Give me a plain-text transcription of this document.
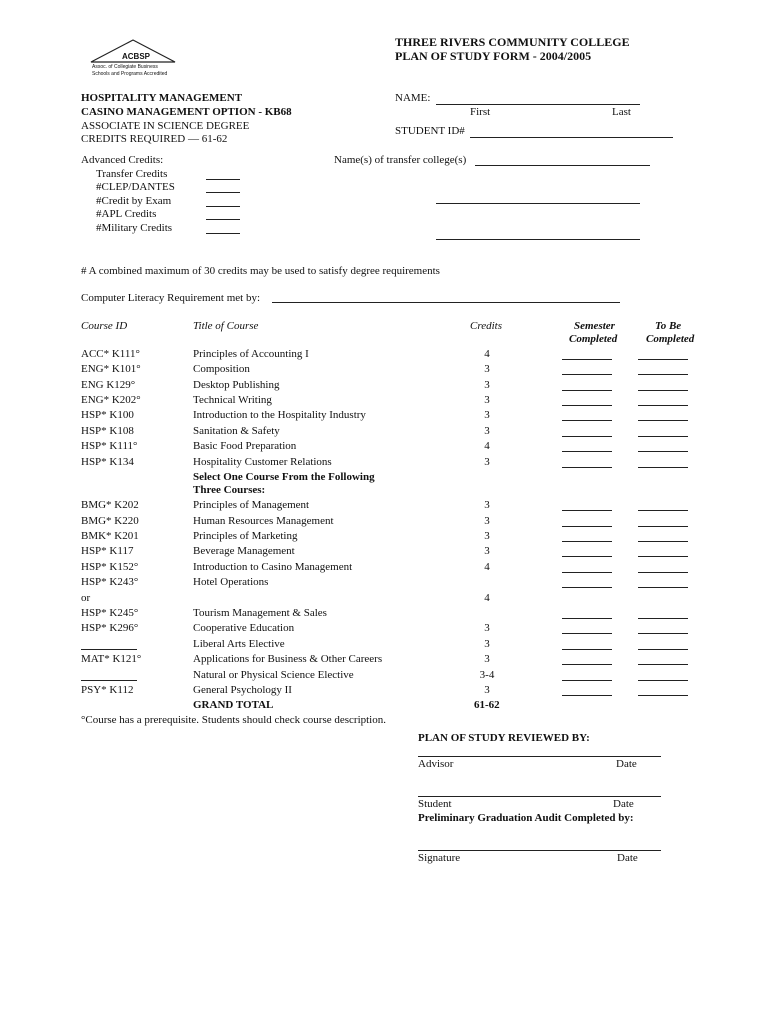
ACBSP
Assoc. of Collegiate Business
Schools and Programs Accredited
THREE RIVERS COMMUNITY COLLEGE
PLAN OF STUDY FORM - 2004/2005
HOSPITALITY MANAGEMENT
CASINO MANAGEMENT OPTION - KB68
ASSOCIATE IN SCIENCE DEGREE
CREDITS REQUIRED — 61-62
NAME:
First	Last
STUDENT ID#
Advanced Credits:
Transfer Credits
#CLEP/DANTES
#Credit by Exam
#APL Credits
#Military Credits
Name(s) of transfer college(s)
# A combined maximum of 30 credits may be used to satisfy degree requirements
Computer Literacy Requirement met by:
Course ID	Title of Course	Credits	Semester
Completed
To Be
Completed
ACC* K111°	Principles of Accounting I	4
ENG* K101°	Composition	3
ENG K129°	Desktop Publishing	3
ENG* K202°	Technical Writing	3
HSP* K100	Introduction to the Hospitality Industry	3
HSP* K108	Sanitation & Safety	3
HSP* K111°	Basic Food Preparation	4
HSP* K134	Hospitality Customer Relations	3
Select One Course From the Following
Three Courses:
BMG* K202	Principles of Management	3
BMG* K220	Human Resources Management	3
BMK* K201	Principles of Marketing	3
HSP* K117	Beverage Management	3
HSP* K152°	Introduction to Casino Management	4
HSP* K243°	Hotel Operations
or	4
HSP* K245°	Tourism Management & Sales
HSP* K296°	Cooperative Education	3
Liberal Arts Elective	3
MAT* K121°	Applications for Business & Other Careers	3
Natural or Physical Science Elective	3-4
PSY* K112	General Psychology II	3
GRAND TOTAL	61-62
°Course has a prerequisite. Students should check course description.
PLAN OF STUDY REVIEWED BY:
Advisor	Date
Student	Date
Preliminary Graduation Audit Completed by:
Signature	Date
